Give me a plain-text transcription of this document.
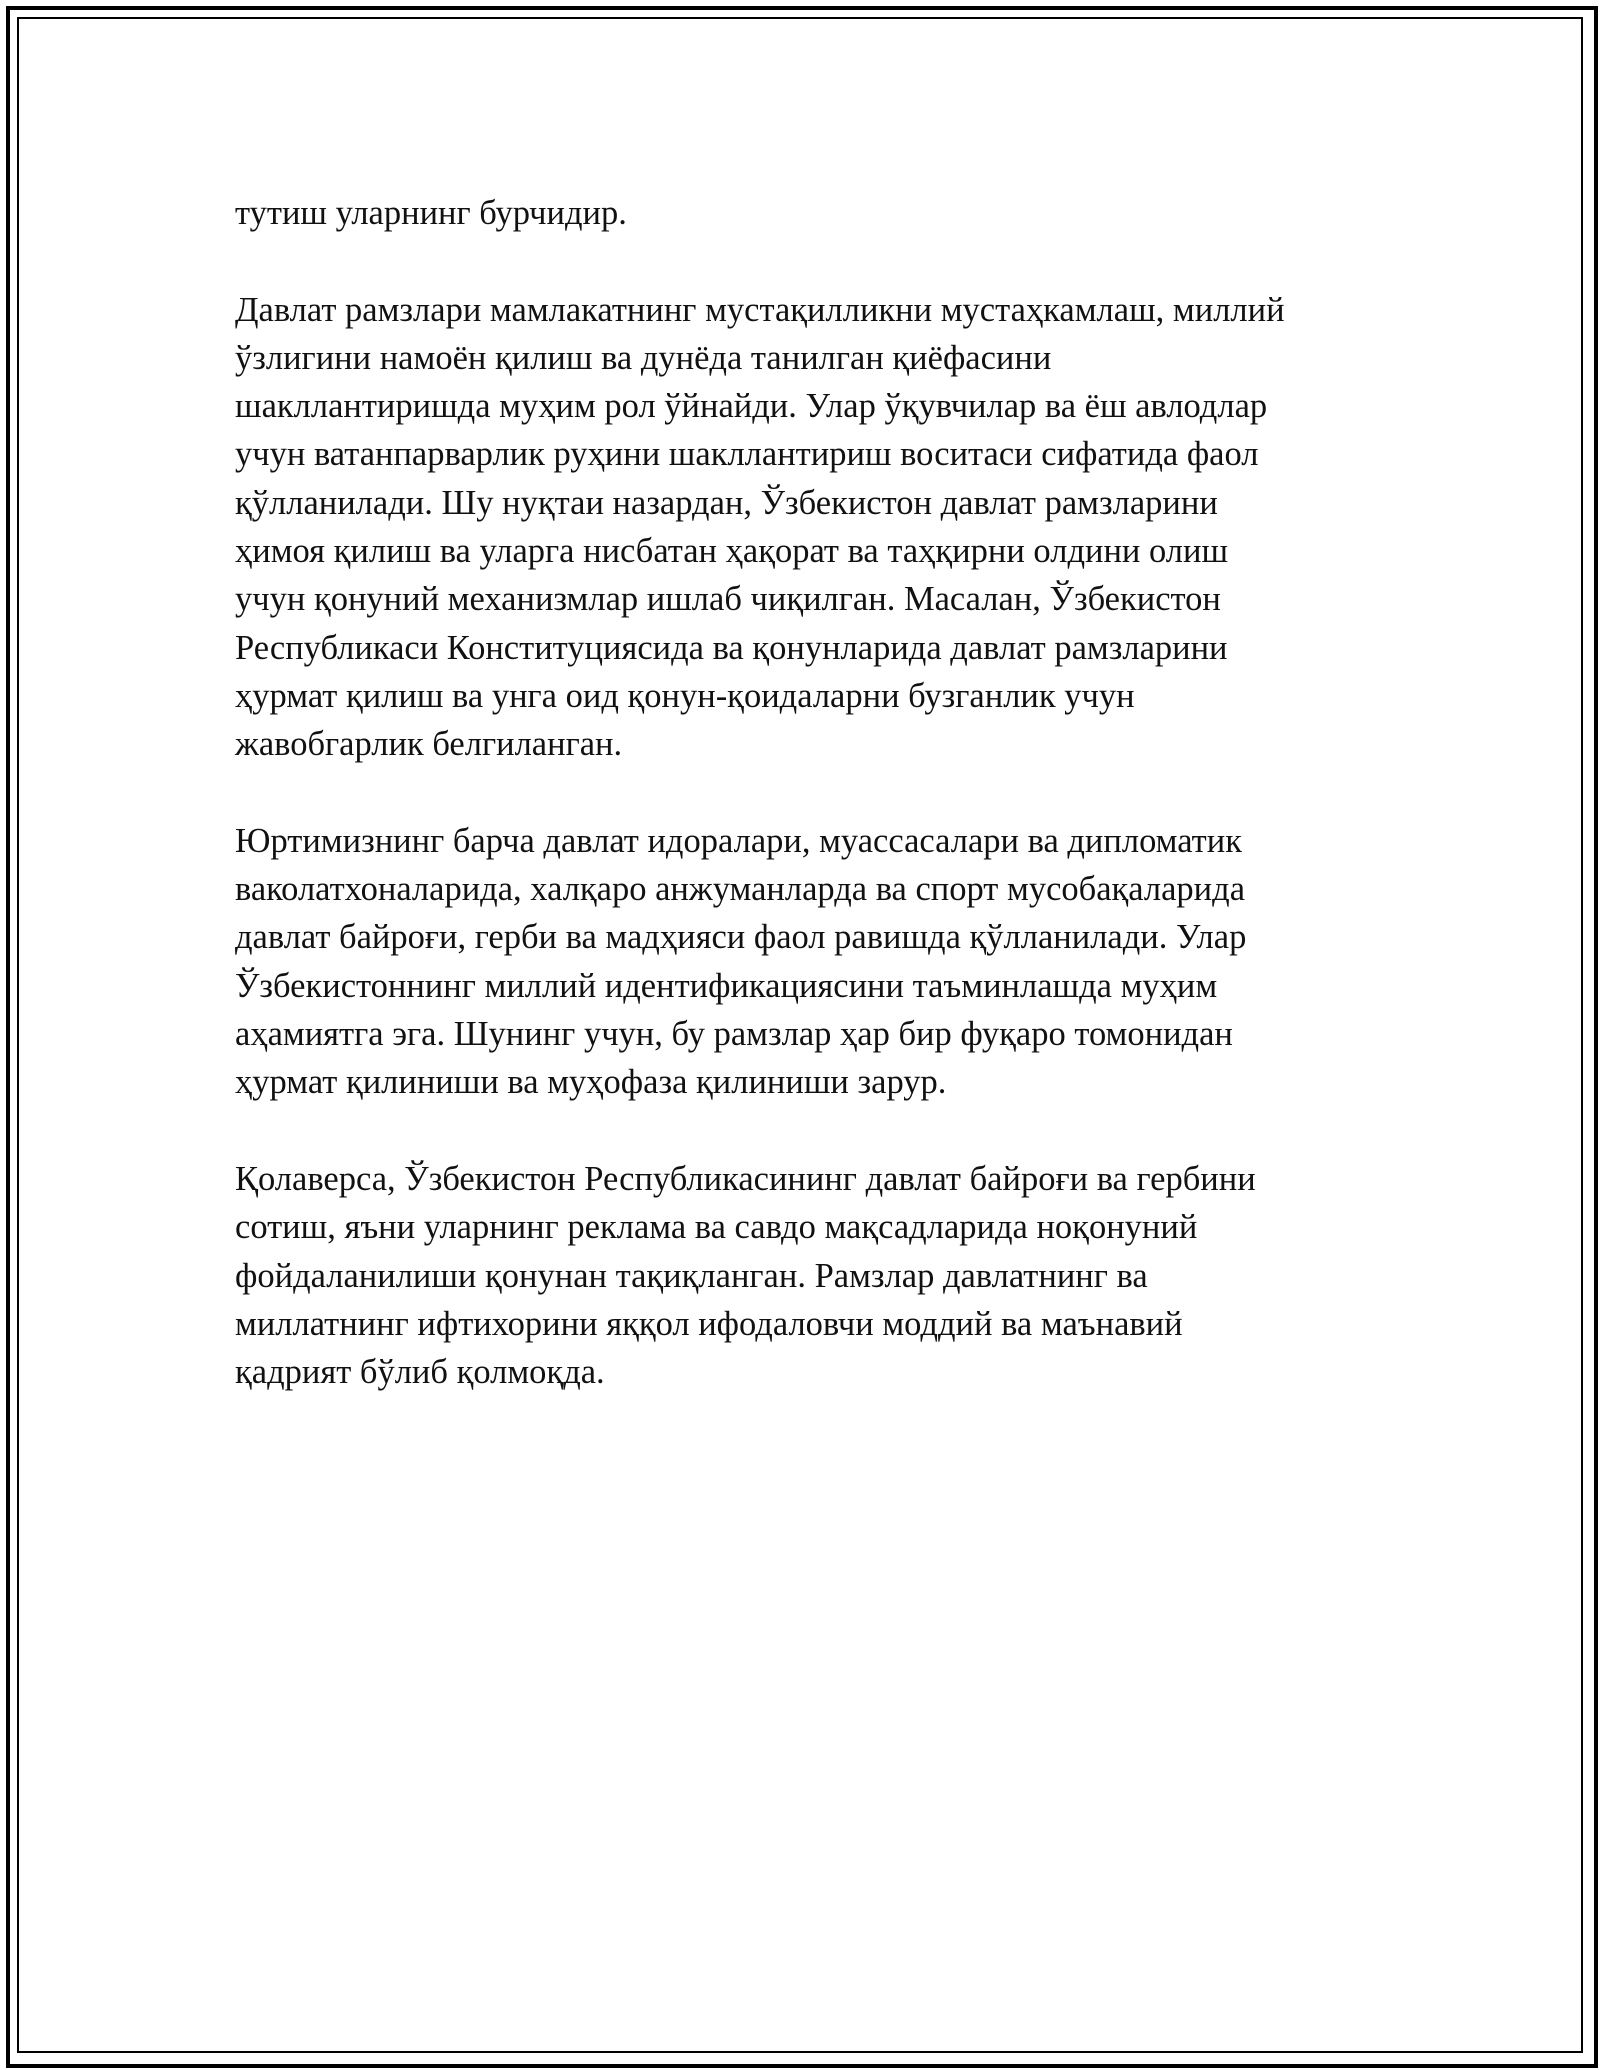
тутиш уларнинг бурчидир.

Давлат рамзлари мамлакатнинг мустақилликни мустаҳкамлаш, миллий
ўзлигини намоён қилиш ва дунёда танилган қиёфасини
шакллантиришда муҳим рол ўйнайди. Улар ўқувчилар ва ёш авлодлар
учун ватанпарварлик руҳини шакллантириш воситаси сифатида фаол
қўлланилади. Шу нуқтаи назардан, Ўзбекистон давлат рамзларини
ҳимоя қилиш ва уларга нисбатан ҳақорат ва таҳқирни олдини олиш
учун қонуний механизмлар ишлаб чиқилган. Масалан, Ўзбекистон
Республикаси Конституциясида ва қонунларида давлат рамзларини
ҳурмат қилиш ва унга оид қонун-қоидаларни бузганлик учун
жавобгарлик белгиланган.

Юртимизнинг барча давлат идоралари, муассасалари ва дипломатик
ваколатхоналарида, халқаро анжуманларда ва спорт мусобақаларида
давлат байроғи, герби ва мадҳияси фаол равишда қўлланилади. Улар
Ўзбекистоннинг миллий идентификациясини таъминлашда муҳим
аҳамиятга эга. Шунинг учун, бу рамзлар ҳар бир фуқаро томонидан
ҳурмат қилиниши ва муҳофаза қилиниши зарур.

Қолаверса, Ўзбекистон Республикасининг давлат байроғи ва гербини
сотиш, яъни уларнинг реклама ва савдо мақсадларида ноқонуний
фойдаланилиши қонунан тақиқланган. Рамзлар давлатнинг ва
миллатнинг ифтихорини яққол ифодаловчи моддий ва маънавий
қадрият бўлиб қолмоқда.
